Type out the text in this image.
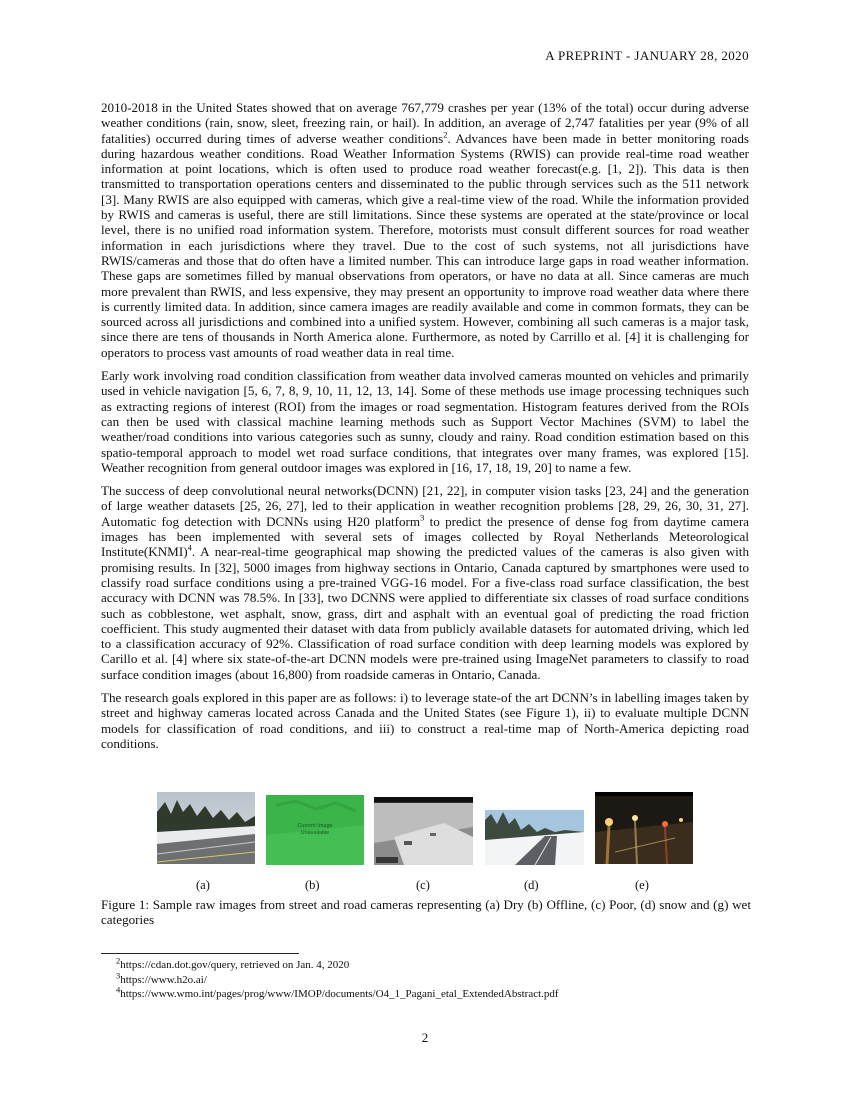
A PREPRINT - JANUARY 28, 2020

2010-2018 in the United States showed that on average 767,779 crashes per year (13% of the total) occur during adverse weather conditions (rain, snow, sleet, freezing rain, or hail). In addition, an average of 2,747 fatalities per year (9% of all fatalities) occurred during times of adverse weather conditions$^2$. Advances have been made in better monitoring roads during hazardous weather conditions. Road Weather Information Systems (RWIS) can provide real-time road weather information at point locations, which is often used to produce road weather forecast(e.g. [1, 2]). This data is then transmitted to transportation operations centers and disseminated to the public through services such as the 511 network [3]. Many RWIS are also equipped with cameras, which give a real-time view of the road. While the information provided by RWIS and cameras is useful, there are still limitations. Since these systems are operated at the state/province or local level, there is no unified road information system. Therefore, motorists must consult different sources for road weather information in each jurisdictions where they travel. Due to the cost of such systems, not all jurisdictions have RWIS/cameras and those that do often have a limited number. This can introduce large gaps in road weather information. These gaps are sometimes filled by manual observations from operators, or have no data at all. Since cameras are much more prevalent than RWIS, and less expensive, they may present an opportunity to improve road weather data where there is currently limited data. In addition, since camera images are readily available and come in common formats, they can be sourced across all jurisdictions and combined into a unified system. However, combining all such cameras is a major task, since there are tens of thousands in North America alone. Furthermore, as noted by Carrillo et al. [4] it is challenging for operators to process vast amounts of road weather data in real time.

Early work involving road condition classification from weather data involved cameras mounted on vehicles and primarily used in vehicle navigation [5, 6, 7, 8, 9, 10, 11, 12, 13, 14]. Some of these methods use image processing techniques such as extracting regions of interest (ROI) from the images or road segmentation. Histogram features derived from the ROIs can then be used with classical machine learning methods such as Support Vector Machines (SVM) to label the weather/road conditions into various categories such as sunny, cloudy and rainy. Road condition estimation based on this spatio-temporal approach to model wet road surface conditions, that integrates over many frames, was explored [15]. Weather recognition from general outdoor images was explored in [16, 17, 18, 19, 20] to name a few.

The success of deep convolutional neural networks(DCNN) [21, 22], in computer vision tasks [23, 24] and the generation of large weather datasets [25, 26, 27], led to their application in weather recognition problems [28, 29, 26, 30, 31, 27]. Automatic fog detection with DCNNs using H20 platform$^3$ to predict the presence of dense fog from daytime camera images has been implemented with several sets of images collected by Royal Netherlands Meteorological Institute(KNMI)$^4$. A near-real-time geographical map showing the predicted values of the cameras is also given with promising results. In [32], 5000 images from highway sections in Ontario, Canada captured by smartphones were used to classify road surface conditions using a pre-trained VGG-16 model. For a five-class road surface classification, the best accuracy with DCNN was 78.5%. In [33], two DCNNS were applied to differentiate six classes of road surface conditions such as cobblestone, wet asphalt, snow, grass, dirt and asphalt with an eventual goal of predicting the road friction coefficient. This study augmented their dataset with data from publicly available datasets for automated driving, which led to a classification accuracy of 92%. Classification of road surface condition with deep learning models was explored by Carillo et al. [4] where six state-of-the-art DCNN models were pre-trained using ImageNet parameters to classify to road surface condition images (about 16,800) from roadside cameras in Ontario, Canada.

The research goals explored in this paper are as follows: i) to leverage state-of the art DCNN’s in labelling images taken by street and highway cameras located across Canada and the United States (see Figure 1), ii) to evaluate multiple DCNN models for classification of road conditions, and iii) to construct a real-time map of North-America depicting road conditions.

Current Image Unavailable
(a)	(b)	(c)	(d)	(e)
Figure 1: Sample raw images from street and road cameras representing (a) Dry (b) Offline, (c) Poor, (d) snow and (g) wet categories
$^2$https://cdan.dot.gov/query, retrieved on Jan. 4, 2020
$^3$https://www.h2o.ai/
$^4$https://www.wmo.int/pages/prog/www/IMOP/documents/O4_1_Pagani_etal_ExtendedAbstract.pdf
2
